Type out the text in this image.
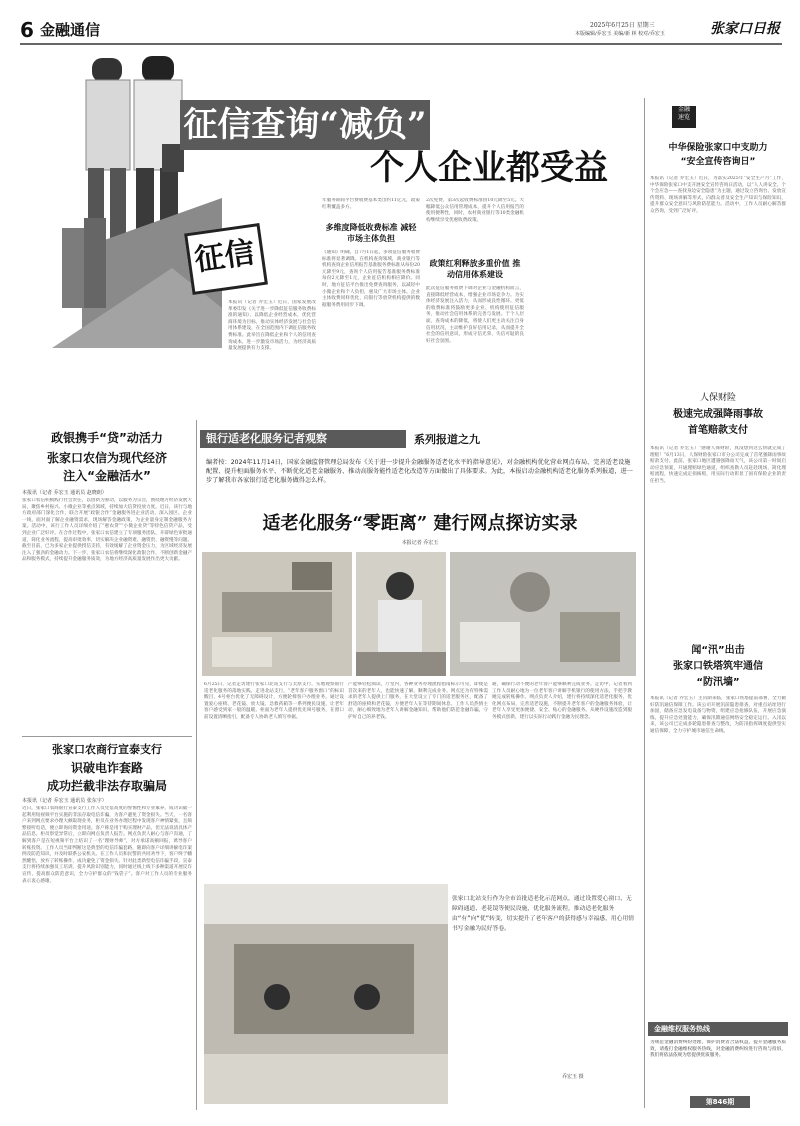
6 金融通信	2025年6月25日 星期三
本版编辑/乔宏玉 美编/新 林 校对/乔宏玉	张家口日报
征信
征信查询“减负”
个人企业都受益
本报讯（记者 乔宏玉）近日，国家发展改革委印发《关于进一步降低征信服务收费标准的通知》，以降低企业经营成本，优化营商环境为目标，推动实体经济发展与社会信用体系建设，在全国范围内下调征信服务收费标准。此举旨在降低企业和个人的信用查询成本，进一步激发市场活力，为经济高质量发展提供有力支撑。
年服务期间平台费收费基本类出约11亿元，政策红利覆盖多方。
多维度降低收费标准 减轻市场主体负担
《通知》明确，自7月1日起，多项征信服务收费标准将显著调降。在机构查询领域，商业银行等机构查询企业信用报告基准服务费标准从每份20元降至9元，查询个人信用报告基准服务费标准每份2元降至1元，企业征信机构相应降价。同时，地方征信平台推出免费查询服务，以减轻中小微企业和个人负担，惠及广大市场主体。企业主体收费同样优化，向银行等放贷机构提供的数据服务费用同步下调。
2次免费，第3次起收费标准由10元降至5元。大幅降低公众信用管理成本，提升个人信用报告的使用便利性，同时，农村商业银行等10类金融机构继续享受优惠收费政策。
政策红利释放多重价值 推动信用体系建设
此次征信服务收费下调对企业与金融机构而言，直接降低经营成本，增强企业市场竞争力。为实体经济发展注入活力，从而形成良性循环。更低的收费标准将鼓励更多企业、机构使用征信服务，推动社会信用体系的完善与发展。于个人层面，查询成本的降低，将使人们更主动关注自身信用状况，主动维护良好信用记录，从而提升全社会的信用意识，形成守信光荣、失信可耻的良好社会氛围。
政银携手“贷”动活力
张家口农信为现代经济
注入“金融活水”
本报讯（记者 乔宏玉 通讯员 赵晓朗）
张家口农信积极践行社会责任，以创新为驱动，以服务为宗旨，围绕地方经济发展大局，聚焦乡村振兴、小微企业等重点领域，持续加大信贷投放力度。近日，该行与地方政府部门深化合作，联合开展“政银合作”金融服务进企业活动，深入园区、企业一线，面对面了解企业融资需求，现场解答金融政策，为企业量身定制金融服务方案。活动中，该行工作人员详细介绍了“惠农贷”“小微企业贷”等特色信贷产品，受到企业广泛好评。在合作过程中，张家口农信建立了专项服务团队，开辟绿色审批通道，简化业务流程，提高审批效率，切实解决企业融资难、融资贵、融资慢等问题。截至目前，已为多家企业提供授信支持，有效缓解了企业资金压力，为区域经济发展注入了强劲的金融动力。下一步，张家口农信将继续深化政银合作，不断创新金融产品和服务模式，持续提升金融服务质效，为地方经济高质量发展作出更大贡献。
张家口农商行宣泰支行
识破电诈套路
成功拦截非法存取骗局
本报讯（记者 乔宏玉 通讯员 张东宇）
近日，张家口农商银行宣泰支行工作人员凭借高度的警惕性和专业素养，成功识破一起利用短视频平台实施的非法存取电信诈骗，为客户避免了资金损失。当天，一名客户来到网点要求办理大额取现业务，柜员在业务办理过程中发现客户神情紧张，且频繁接听电话，便立即询问资金用途。客户称是用于购买理财产品，但无法说清具体产品信息。柜员察觉异常后，立即向网点负责人报告。网点负责人耐心与客户沟通，了解到客户是在短视频平台上结识了一名“理财导师”，对方承诺高额回报，诱导客户转账投资。工作人员当即判断这是典型的电信诈骗套路，随即向客户详细讲解电诈案例及防范知识，并及时联系公安机关。在工作人员和民警的共同劝导下，客户终于幡然醒悟，放弃了转账操作，成功避免了资金损失。针对此类新型电信诈骗手段，宣泰支行将持续加强员工培训，提升风险识别能力，同时通过线上线下多种渠道开展反诈宣传，提高群众防范意识，全力守护群众的“钱袋子”。客户对工作人员的专业服务表示衷心感谢。
银行适老化服务记者观察	系列报道之九
编者按：2024年11月14日，国家金融监督管理总局发布《关于进一步提升金融服务适老化水平的指导意见》，对金融机构优化营业网点布局、完善适老设施配置、提升柜面服务水平、不断优化适老金融服务、推动高服务能性适老化改造等方面做出了具体要求。为此，本报启动金融机构适老化服务系列报道，进一步了解我市各家银行适老化服务做得怎么样。
适老化服务“零距离” 建行网点探访实录
本报记者 乔宏玉
6月25日，记者走访建行张家口北站支行与太原支行，实地观察银行适老化服务的落地实践。走进北站支行，“老年客户服务窗口”的标识醒目，4号柜台优化了无障碍设计，方便轮椅客户办理业务。通过设置爱心座椅、老花镜、放大镜、急救药箱等一系列便民设施，让老年客户感受到家一般的温暖。柜面为老年人提供优先叫号服务，在窗口前设置清晰指引，配备专人协助老人填写单据。
产能够轻松阅读。厅堂内，各种业务办理流程指南标示可见，即使是首次来的老年人，也能快速了解，顺利完成业务。网点还为有特殊需求的老年人提供上门服务，在大堂设立了专门的适老服务区，配备了舒适的座椅和老花镜，方便老年人在等待期间休息。工作人员热情主动，耐心细致地为老年人讲解金融知识，帮助他们防范金融诈骗，守护好自己的养老钱。
通，确保行动不便的老年客户能够顺利完成业务。走访中，记者看到工作人员耐心地为一位老年客户讲解手机银行的使用方法，手把手教她完成转账操作。网点负责人介绍，建行将持续深化适老化服务，优化网点布局，完善适老设施，不断提升老年客户的金融服务体验，让老年人享受更加便捷、安全、贴心的金融服务。从硬件设施改造到服务模式创新，建行以实际行动践行金融为民理念。
张家口北站支行作为全市首批适老化示范网点，通过设置爱心窗口、无障碍通道、老花镜等便民设施，优化服务流程，推动适老化服务由“有”向“优”转变，切实提升了老年客户的获得感与幸福感，用心用情书写金融为民好答卷。
乔宏玉 摄
金融
速览
中华保险张家口中支助力
“安全宣传咨询日”
本报讯（记者 乔宏玉）近日，为落实2025年“安全生产月”工作，中华保险张家口中支开展安全宣传咨询日活动，以“人人讲安全、个个会应急——查找身边安全隐患”为主题，通过设立咨询台、发放宣传资料、现场讲解等形式，向群众普及安全生产知识与保险知识，提升群众安全意识与风险防范能力。活动中，工作人员耐心解答群众咨询，受到广泛好评。
人保财险
极速完成强降雨事故
首笔赔款支付
本报讯（记者 乔宏玉）“感谢人保财险，真没想到这么快就完成了理赔！”6月13日，人保财险张家口市分公司完成了首笔强降雨事故赔款支付。此前，张家口地区遭遇强降雨天气，该公司第一时间启动应急预案，开通理赔绿色通道，组织查勘人员赶赴现场，简化理赔流程，快速完成定损核赔，用实际行动彰显了国有保险企业的责任担当。
闻“汛”出击
张家口铁塔筑牢通信
“防汛墙”
本报讯（记者 乔宏玉）主汛期来临，张家口铁塔提前部署，全力做好防汛通信保障工作。该公司开展汛前隐患排查，对重点站址进行加固，储备应急发电设备与物资，组建应急抢修队伍，开展应急演练，提升应急处置能力，确保汛期通信网络安全稳定运行。入汛以来，该公司已完成多轮隐患排查与整改，为防汛指挥调度提供坚实通信保障，全力守护城市通信生命线。
金融维权服务热线
为规范金融消费纠纷处理，保护消费者合法权益，提升金融服务质效，请拨打金融维权服务热线，对金融消费纠纷进行咨询与投诉，我们将依法依规为您提供优质服务。
第846期
